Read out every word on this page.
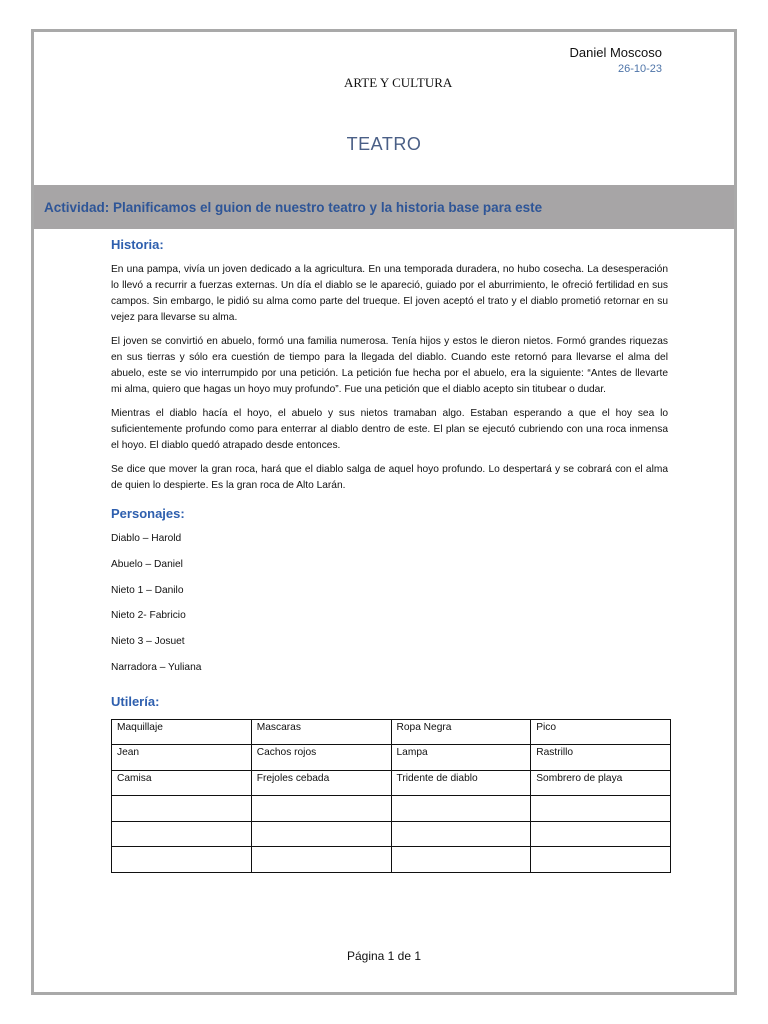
Daniel Moscoso
26-10-23
ARTE Y CULTURA
TEATRO
Actividad: Planificamos el guion de nuestro teatro y la historia base para este
Historia:

En una pampa, vivía un joven dedicado a la agricultura. En una temporada duradera, no hubo cosecha. La desesperación lo llevó a recurrir a fuerzas externas. Un día el diablo se le apareció, guiado por el aburrimiento, le ofreció fertilidad en sus campos. Sin embargo, le pidió su alma como parte del trueque. El joven aceptó el trato y el diablo prometió retornar en su vejez para llevarse su alma.

El joven se convirtió en abuelo, formó una familia numerosa. Tenía hijos y estos le dieron nietos. Formó grandes riquezas en sus tierras y sólo era cuestión de tiempo para la llegada del diablo. Cuando este retornó para llevarse el alma del abuelo, este se vio interrumpido por una petición. La petición fue hecha por el abuelo, era la siguiente: “Antes de llevarte mi alma, quiero que hagas un hoyo muy profundo”. Fue una petición que el diablo acepto sin titubear o dudar.

Mientras el diablo hacía el hoyo, el abuelo y sus nietos tramaban algo. Estaban esperando a que el hoy sea lo suficientemente profundo como para enterrar al diablo dentro de este. El plan se ejecutó cubriendo con una roca inmensa el hoyo. El diablo quedó atrapado desde entonces.

Se dice que mover la gran roca, hará que el diablo salga de aquel hoyo profundo. Lo despertará y se cobrará con el alma de quien lo despierte. Es la gran roca de Alto Larán.

Personajes:
Diablo – Harold
Abuelo – Daniel
Nieto 1 – Danilo
Nieto 2- Fabricio
Nieto 3 – Josuet
Narradora – Yuliana
Utilería:
Maquillaje	Mascaras	Ropa Negra	Pico
Jean	Cachos rojos	Lampa	Rastrillo
Camisa	Frejoles cebada	Tridente de diablo	Sombrero de playa

Página 1 de 1
